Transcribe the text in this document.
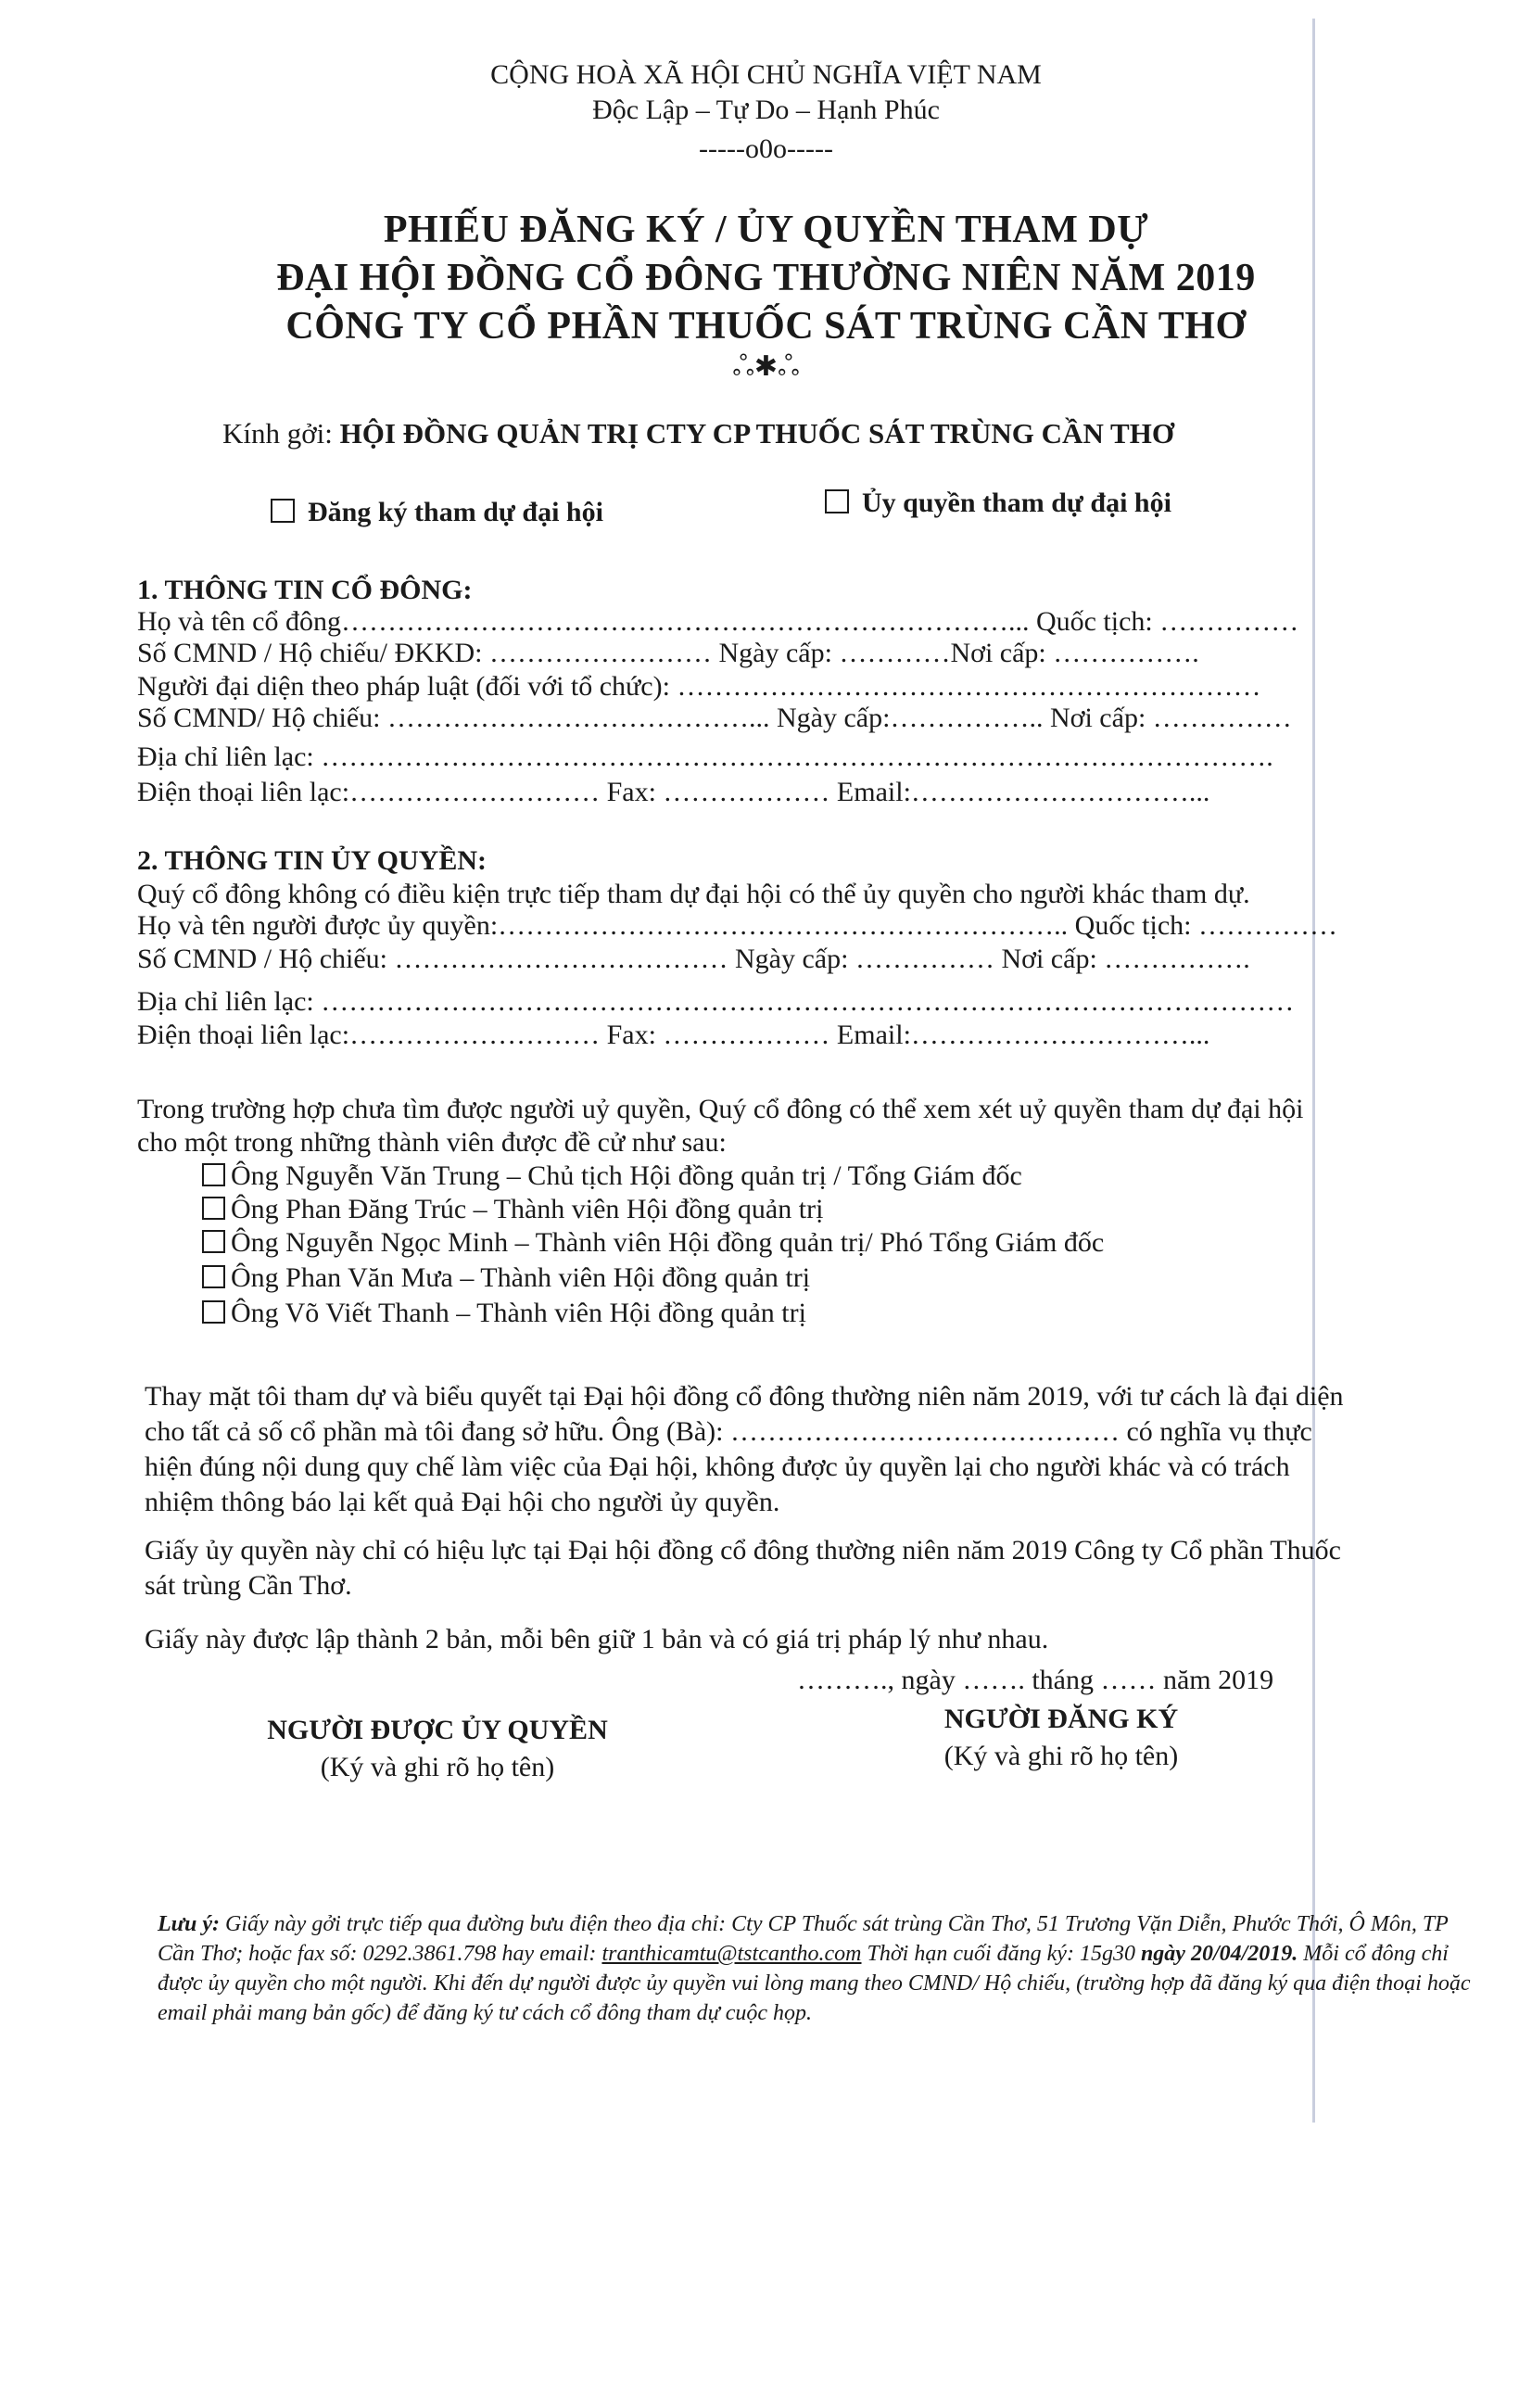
CỘNG HOÀ XÃ HỘI CHỦ NGHĨA VIỆT NAM
Độc Lập – Tự Do – Hạnh Phúc
-----o0o-----
PHIẾU ĐĂNG KÝ / ỦY QUYỀN THAM DỰ
ĐẠI HỘI ĐỒNG CỔ ĐÔNG THƯỜNG NIÊN NĂM 2019
CÔNG TY CỔ PHẦN THUỐC SÁT TRÙNG CẦN THƠ
ஃ✱ஃ
Kính gởi: HỘI ĐỒNG QUẢN TRỊ CTY CP THUỐC SÁT TRÙNG CẦN THƠ
Đăng ký tham dự đại hội	Ủy quyền tham dự đại hội
1. THÔNG TIN CỔ ĐÔNG:
Họ và tên cổ đông………………………………………………………………... Quốc tịch: ……………
Số CMND / Hộ chiếu/ ĐKKD: …………………… Ngày cấp: …………Nơi cấp: …………….
Người đại diện theo pháp luật (đối với tổ chức): ………………………………………………………
Số CMND/ Hộ chiếu: …………………………………... Ngày cấp:…………….. Nơi cấp: ……………
Địa chỉ liên lạc: ………………………………………………………………………………………….
Điện thoại liên lạc:……………………… Fax: ……………… Email:…………………………...
2. THÔNG TIN ỦY QUYỀN:
Quý cổ đông không có điều kiện trực tiếp tham dự đại hội có thể ủy quyền cho người khác tham dự.
Họ và tên người được ủy quyền:…………………………………………………….. Quốc tịch: ……………
Số CMND / Hộ chiếu: ……………………………… Ngày cấp: …………… Nơi cấp: …………….
Địa chỉ liên lạc: ……………………………………………………………………………………………
Điện thoại liên lạc:……………………… Fax: ……………… Email:…………………………...
Trong trường hợp chưa tìm được người uỷ quyền, Quý cổ đông có thể xem xét uỷ quyền tham dự đại hội
cho một trong những thành viên được đề cử như sau:
Ông Nguyễn Văn Trung – Chủ tịch Hội đồng quản trị / Tổng Giám đốc
Ông Phan Đăng Trúc – Thành viên Hội đồng quản trị
Ông Nguyễn Ngọc Minh – Thành viên Hội đồng quản trị/ Phó Tổng Giám đốc
Ông Phan Văn Mưa – Thành viên Hội đồng quản trị
Ông Võ Viết Thanh – Thành viên Hội đồng quản trị
Thay mặt tôi tham dự và biểu quyết tại Đại hội đồng cổ đông thường niên năm 2019, với tư cách là đại diện
cho tất cả số cổ phần mà tôi đang sở hữu. Ông (Bà): …………………………………… có nghĩa vụ thực
hiện đúng nội dung quy chế làm việc của Đại hội, không được ủy quyền lại cho người khác và có trách
nhiệm thông báo lại kết quả Đại hội cho người ủy quyền.
Giấy ủy quyền này chỉ có hiệu lực tại Đại hội đồng cổ đông thường niên năm 2019 Công ty Cổ phần Thuốc
sát trùng Cần Thơ.
Giấy này được lập thành 2 bản, mỗi bên giữ 1 bản và có giá trị pháp lý như nhau.
………., ngày ……. tháng …… năm 2019
NGƯỜI ĐƯỢC ỦY QUYỀN
(Ký và ghi rõ họ tên)
NGƯỜI ĐĂNG KÝ
(Ký và ghi rõ họ tên)
Lưu ý: Giấy này gởi trực tiếp qua đường bưu điện theo địa chỉ: Cty CP Thuốc sát trùng Cần Thơ, 51 Trương Vặn Diễn, Phước Thới, Ô Môn, TP Cần Thơ; hoặc fax số: 0292.3861.798 hay email: tranthicamtu@tstcantho.com Thời hạn cuối đăng ký: 15g30 ngày 20/04/2019. Mỗi cổ đông chỉ được ủy quyền cho một người. Khi đến dự người được ủy quyền vui lòng mang theo CMND/ Hộ chiếu, (trường hợp đã đăng ký qua điện thoại hoặc email phải mang bản gốc) để đăng ký tư cách cổ đông tham dự cuộc họp.
